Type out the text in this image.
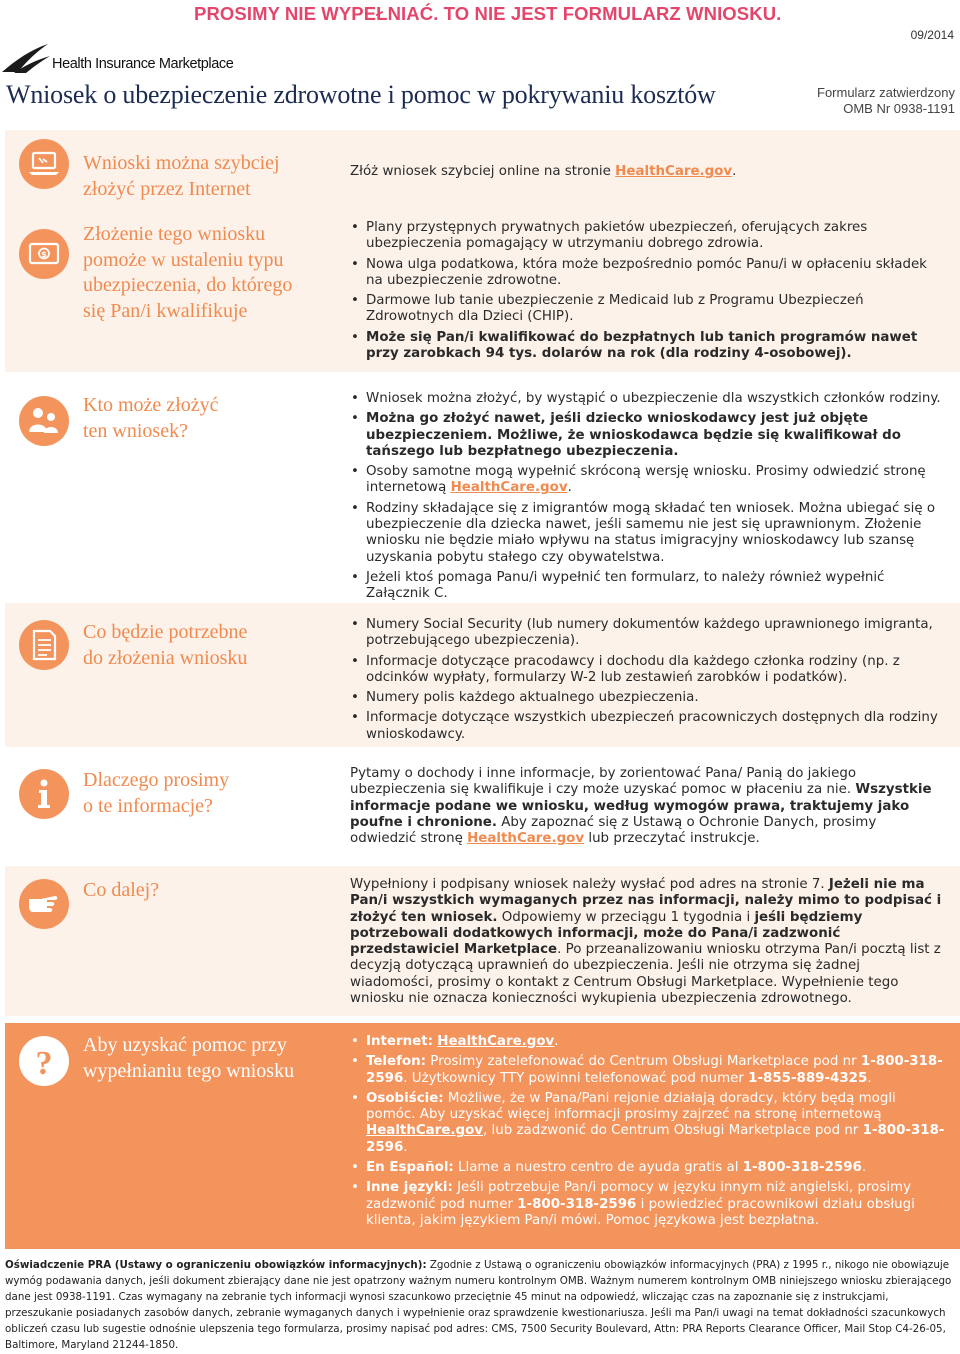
PROSIMY NIE WYPEŁNIAĆ. TO NIE JEST FORMULARZ WNIOSKU.
09/2014
Health Insurance Marketplace
Wniosek o ubezpieczenie zdrowotne i pomoc w pokrywaniu kosztów	Formularz zatwierdzony
OMB Nr 0938-1191
Wnioski można szybciej
złożyć przez Internet
Złóż wniosek szybciej online na stronie HealthCare.gov.
$
Złożenie tego wniosku
pomoże w ustaleniu typu
ubezpieczenia, do którego
się Pan/i kwalifikuje
• Plany przystępnych prywatnych pakietów ubezpieczeń, oferujących zakres ubezpieczenia pomagający w utrzymaniu dobrego zdrowia.
• Nowa ulga podatkowa, która może bezpośrednio pomóc Panu/i w opłaceniu składek na ubezpieczenie zdrowotne.
• Darmowe lub tanie ubezpieczenie z Medicaid lub z Programu Ubezpieczeń Zdrowotnych dla Dzieci (CHIP).
• Może się Pan/i kwalifikować do bezpłatnych lub tanich programów nawet przy zarobkach 94 tys. dolarów na rok (dla rodziny 4-osobowej).
Kto może złożyć
ten wniosek?
• Wniosek można złożyć, by wystąpić o ubezpieczenie dla wszystkich członków rodziny.
• Można go złożyć nawet, jeśli dziecko wnioskodawcy jest już objęte ubezpieczeniem. Możliwe, że wnioskodawca będzie się kwalifikował do tańszego lub bezpłatnego ubezpieczenia.
• Osoby samotne mogą wypełnić skróconą wersję wniosku. Prosimy odwiedzić stronę internetową HealthCare.gov.
• Rodziny składające się z imigrantów mogą składać ten wniosek. Można ubiegać się o ubezpieczenie dla dziecka nawet, jeśli samemu nie jest się uprawnionym. Złożenie wniosku nie będzie miało wpływu na status imigracyjny wnioskodawcy lub szansę uzyskania pobytu stałego czy obywatelstwa.
• Jeżeli ktoś pomaga Panu/i wypełnić ten formularz, to należy również wypełnić Załącznik C.
Co będzie potrzebne
do złożenia wniosku
• Numery Social Security (lub numery dokumentów każdego uprawnionego imigranta, potrzebującego ubezpieczenia).
• Informacje dotyczące pracodawcy i dochodu dla każdego członka rodziny (np. z odcinków wypłaty, formularzy W-2 lub zestawień zarobków i podatków).
• Numery polis każdego aktualnego ubezpieczenia.
• Informacje dotyczące wszystkich ubezpieczeń pracowniczych dostępnych dla rodziny wnioskodawcy.
Dlaczego prosimy
o te informacje?
Pytamy o dochody i inne informacje, by zorientować Pana/ Panią do jakiego ubezpieczenia się kwalifikuje i czy może uzyskać pomoc w płaceniu za nie. Wszystkie informacje podane we wniosku, według wymogów prawa, traktujemy jako poufne i chronione. Aby zapoznać się z Ustawą o Ochronie Danych, prosimy odwiedzić stronę HealthCare.gov lub przeczytać instrukcje.
Co dalej?	Wypełniony i podpisany wniosek należy wysłać pod adres na stronie 7. Jeżeli nie ma Pan/i wszystkich wymaganych przez nas informacji, należy mimo to podpisać i złożyć ten wniosek. Odpowiemy w przeciągu 1 tygodnia i jeśli będziemy potrzebowali dodatkowych informacji, może do Pana/i zadzwonić przedstawiciel Marketplace. Po przeanalizowaniu wniosku otrzyma Pan/i pocztą list z decyzją dotyczącą uprawnień do ubezpieczenia. Jeśli nie otrzyma się żadnej wiadomości, prosimy o kontakt z Centrum Obsługi Marketplace. Wypełnienie tego wniosku nie oznacza konieczności wykupienia ubezpieczenia zdrowotnego.
? Aby uzyskać pomoc przy
wypełnianiu tego wniosku
• Internet: HealthCare.gov.
• Telefon: Prosimy zatelefonować do Centrum Obsługi Marketplace pod nr 1-800-318-2596. Użytkownicy TTY powinni telefonować pod numer 1-855-889-4325.
• Osobiście: Możliwe, że w Pana/Pani rejonie działają doradcy, który będą mogli pomóc. Aby uzyskać więcej informacji prosimy zajrzeć na stronę internetową HealthCare.gov, lub zadzwonić do Centrum Obsługi Marketplace pod nr 1-800-318-2596.
• En Español: Llame a nuestro centro de ayuda gratis al 1-800-318-2596.
• Inne języki: Jeśli potrzebuje Pan/i pomocy w języku innym niż angielski, prosimy zadzwonić pod numer 1-800-318-2596 i powiedzieć pracownikowi działu obsługi klienta, jakim językiem Pan/i mówi. Pomoc językowa jest bezpłatna.
Oświadczenie PRA (Ustawy o ograniczeniu obowiązków informacyjnych): Zgodnie z Ustawą o ograniczeniu obowiązków informacyjnych (PRA) z 1995 r., nikogo nie obowiązuje wymóg podawania danych, jeśli dokument zbierający dane nie jest opatrzony ważnym numeru kontrolnym OMB. Ważnym numerem kontrolnym OMB niniejszego wniosku zbierającego dane jest 0938-1191. Czas wymagany na zebranie tych informacji wynosi szacunkowo przeciętnie 45 minut na odpowiedź, wliczając czas na zapoznanie się z instrukcjami, przeszukanie posiadanych zasobów danych, zebranie wymaganych danych i wypełnienie oraz sprawdzenie kwestionariusza. Jeśli ma Pan/i uwagi na temat dokładności szacunkowych obliczeń czasu lub sugestie odnośnie ulepszenia tego formularza, prosimy napisać pod adres: CMS, 7500 Security Boulevard, Attn: PRA Reports Clearance Officer, Mail Stop C4-26-05, Baltimore, Maryland 21244-1850.
